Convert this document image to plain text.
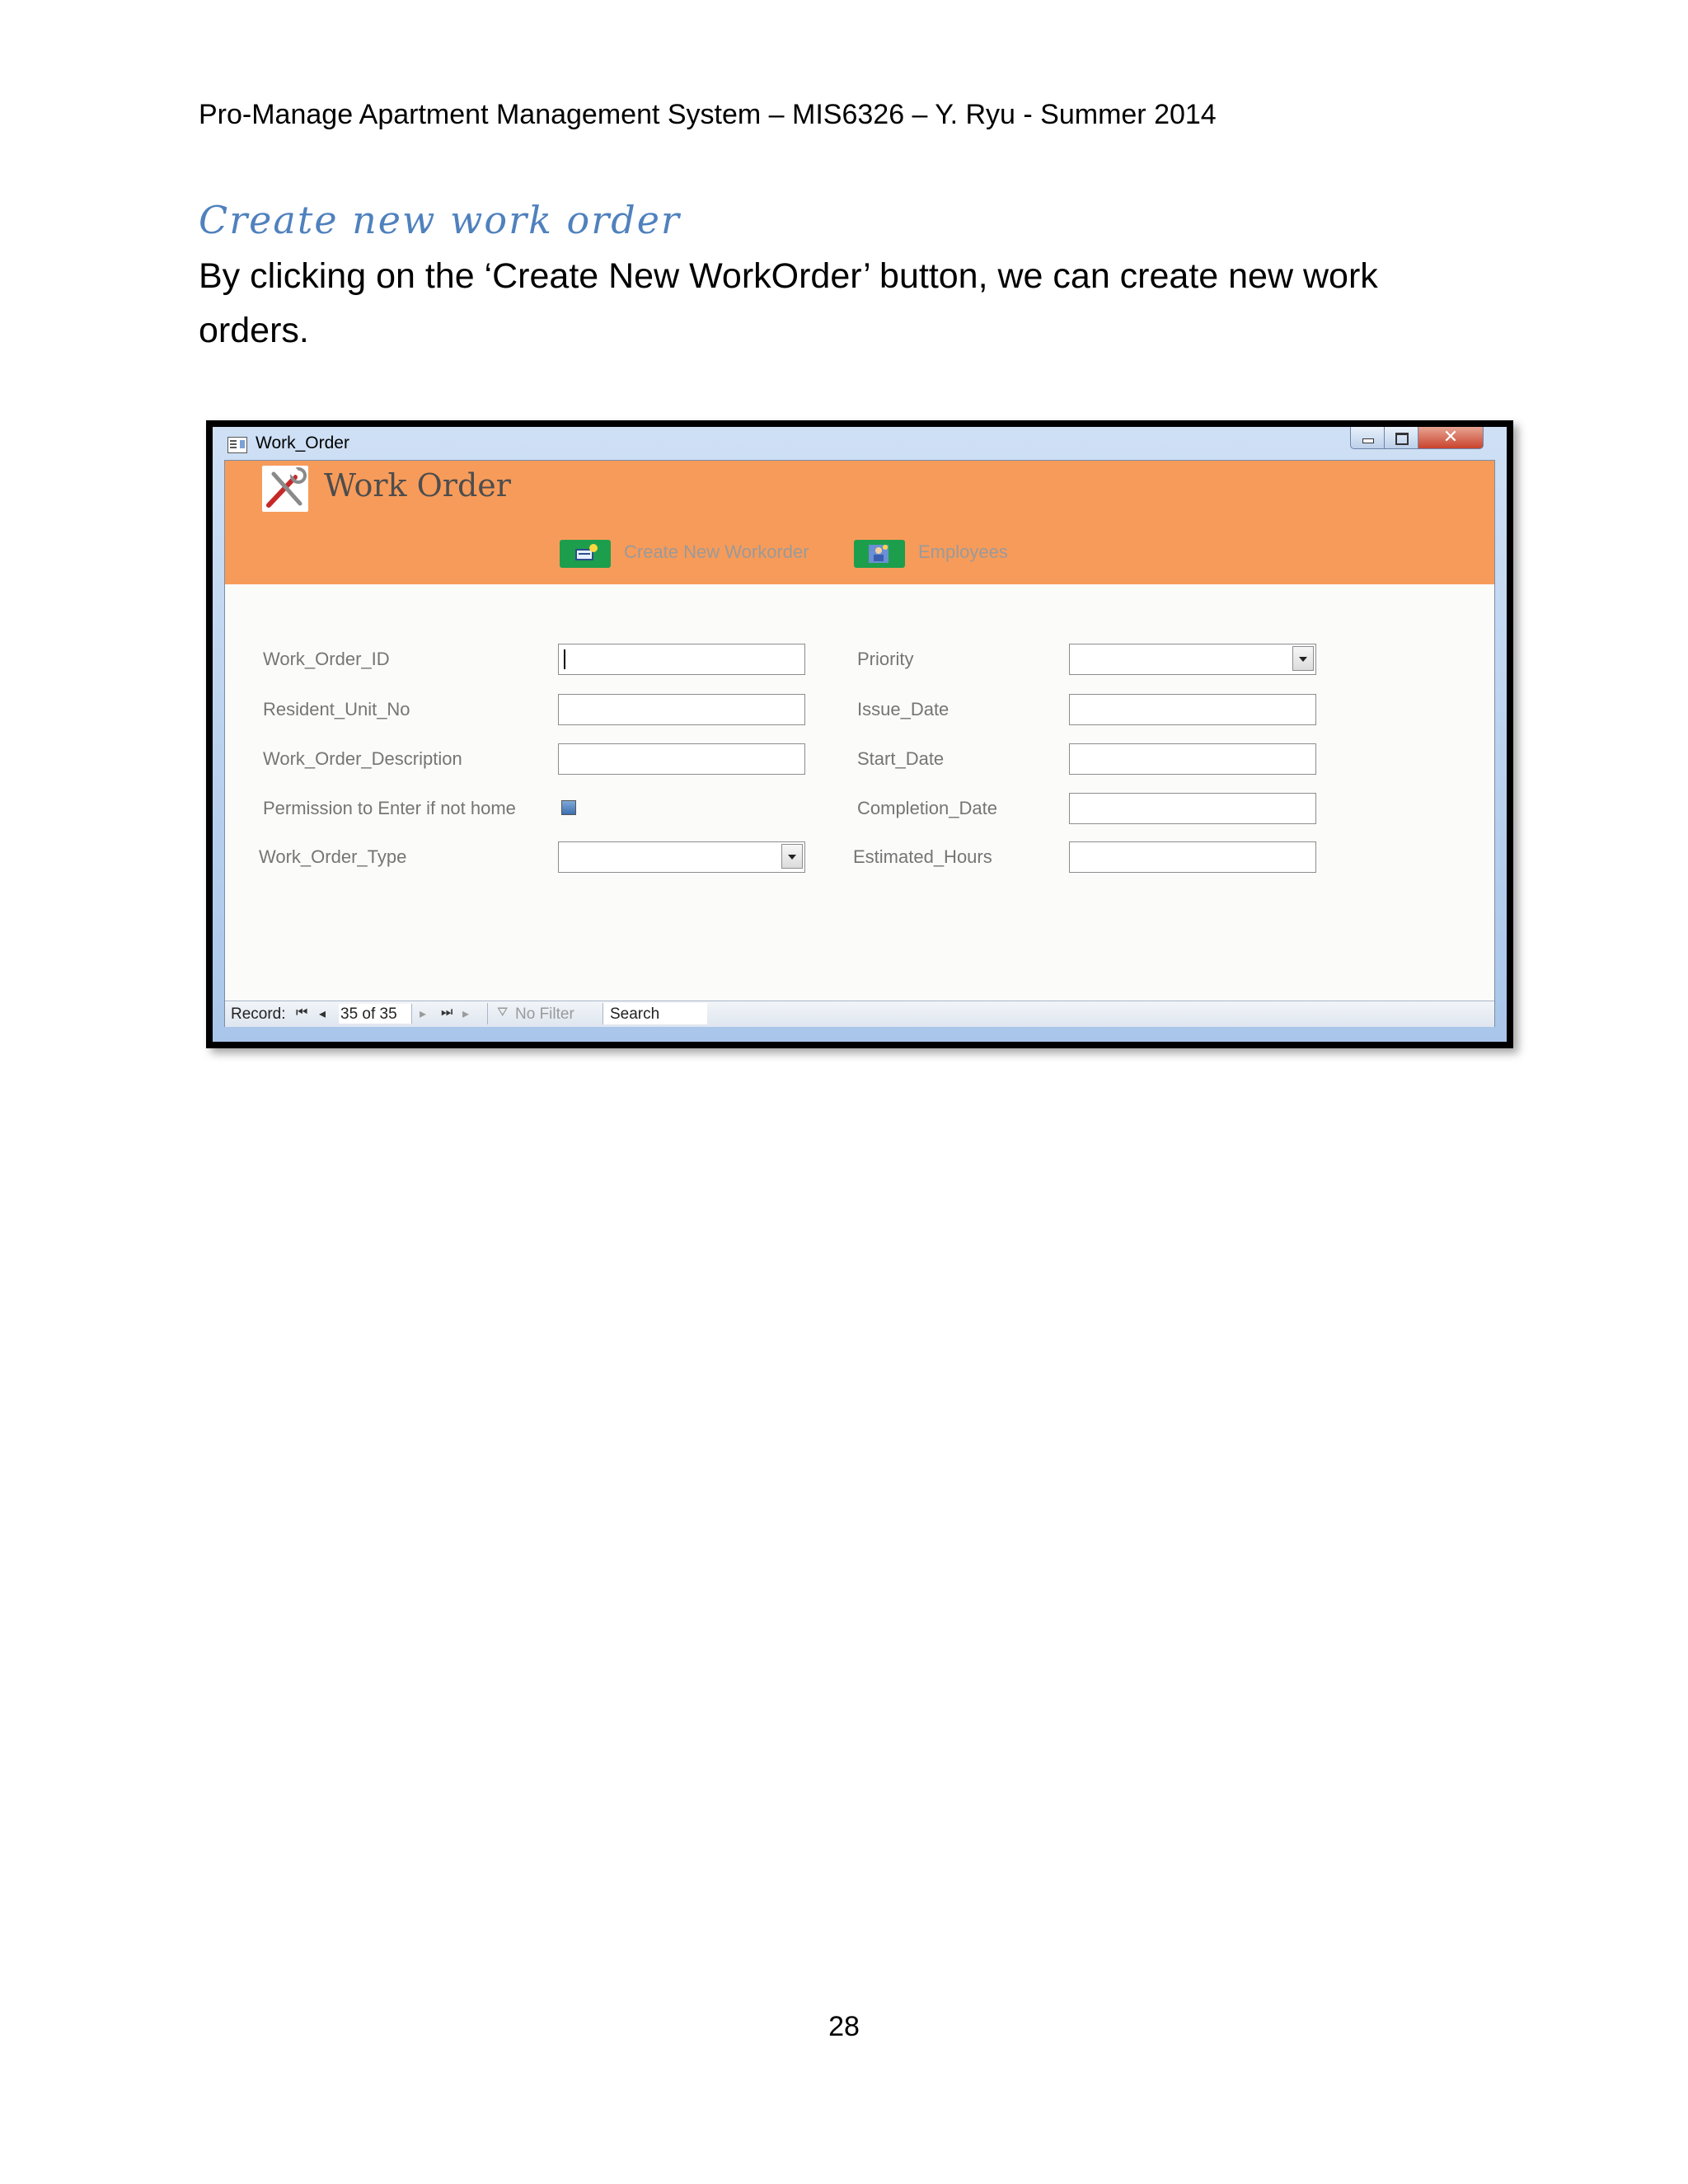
Pro-Manage Apartment Management System – MIS6326 – Y. Ryu - Summer 2014
Create new work order
By clicking on the ‘Create New WorkOrder’ button, we can create new work orders.
Work_Order	✕
Work Order
Create New Workorder	Employees
Work_Order_ID
Resident_Unit_No
Work_Order_Description
Permission to Enter if not home
Work_Order_Type
Priority
Issue_Date
Start_Date
Completion_Date
Estimated_Hours
Record: ⏮ ◂ 35 of 35 ▸ ⏭ ▸ ⛛ No Filter Search
28
